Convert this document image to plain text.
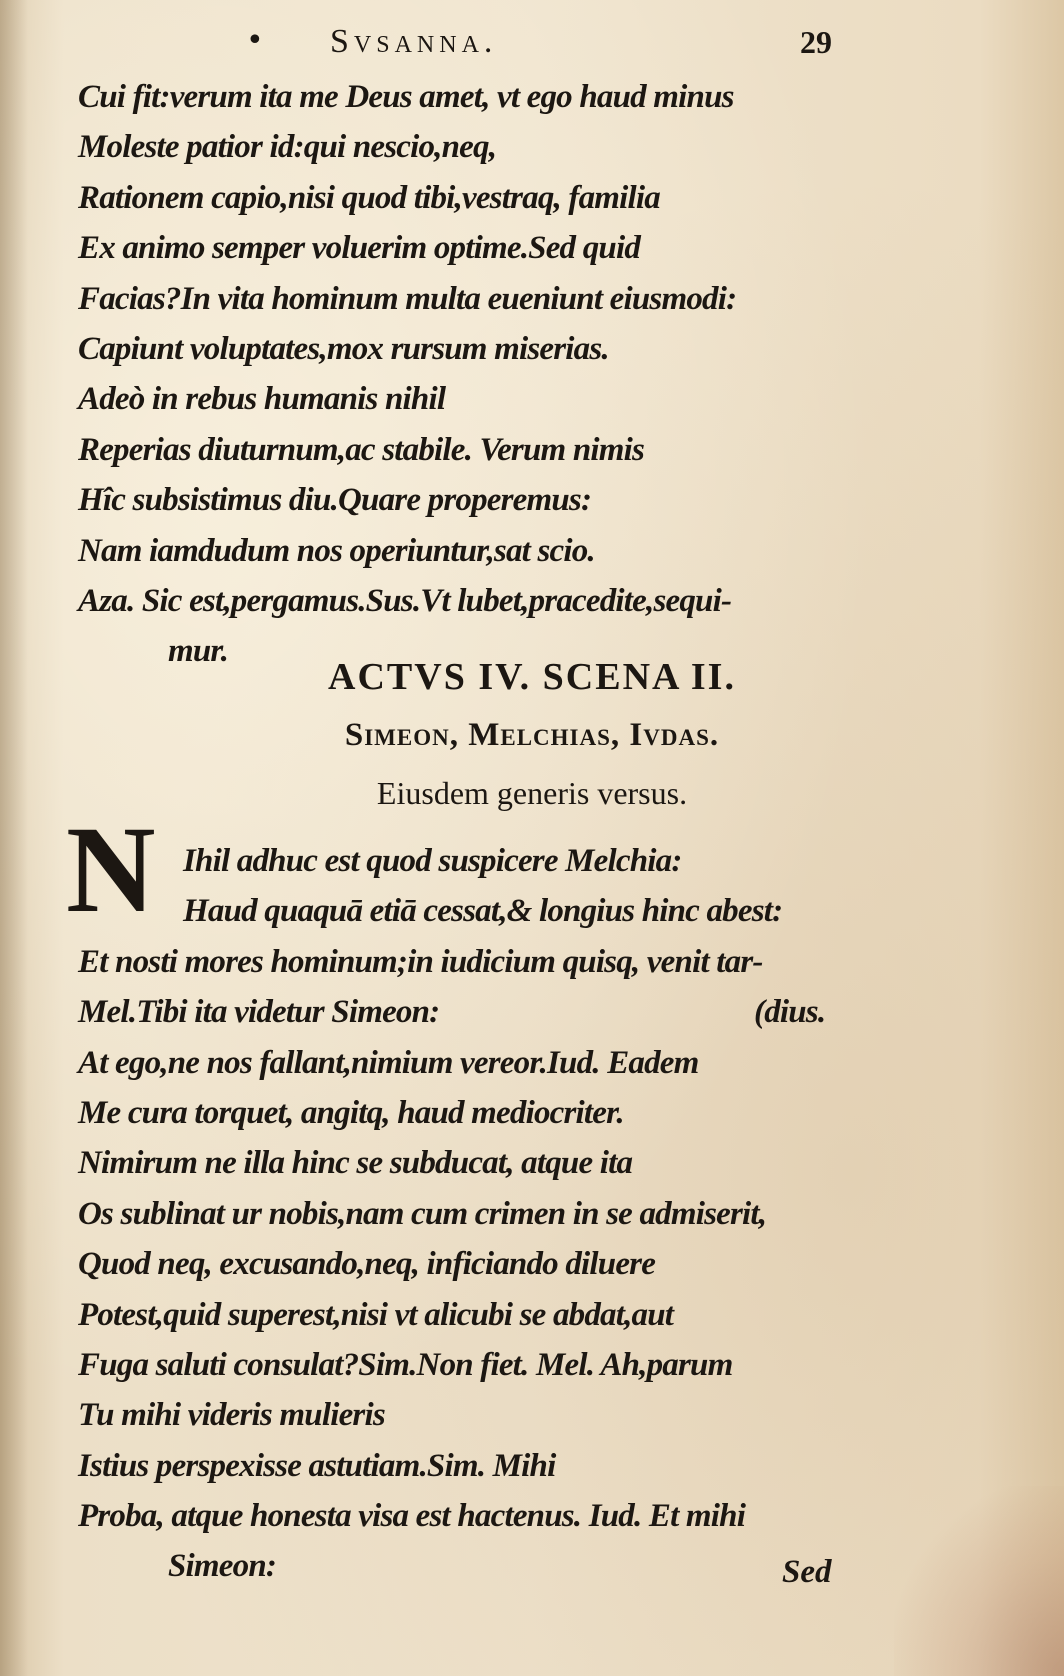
• Svsanna.	29
Cui fit:verum ita me Deus amet, vt ego haud minus
Moleste patior id:qui nescio,neq,
Rationem capio,nisi quod tibi,vestraq, familia
Ex animo semper voluerim optime.Sed quid
Facias?In vita hominum multa eueniunt eiusmodi:
Capiunt voluptates,mox rursum miserias.
Adeò in rebus humanis nihil
Reperias diuturnum,ac stabile. Verum nimis
Hîc subsistimus diu.Quare properemus:
Nam iamdudum nos operiuntur,sat scio.
Aza. Sic est,pergamus.Sus.Vt lubet,pracedite,sequi-
mur.
ACTVS IV. SCENA II.
Simeon, Melchias, Ivdas.
Eiusdem generis versus.
N Ihil adhuc est quod suspicere Melchia:
Haud quaquā etiā cessat,& longius hinc abest:
Et nosti mores hominum;in iudicium quisq, venit tar-
Mel.Tibi ita videtur Simeon:	(dius.
At ego,ne nos fallant,nimium vereor.Iud. Eadem
Me cura torquet, angitq, haud mediocriter.
Nimirum ne illa hinc se subducat, atque ita
Os sublinat ur nobis,nam cum crimen in se admiserit,
Quod neq, excusando,neq, inficiando diluere
Potest,quid superest,nisi vt alicubi se abdat,aut
Fuga saluti consulat?Sim.Non fiet. Mel. Ah,parum
Tu mihi videris mulieris
Istius perspexisse astutiam.Sim. Mihi
Proba, atque honesta visa est hactenus. Iud. Et mihi
Simeon:	Sed
